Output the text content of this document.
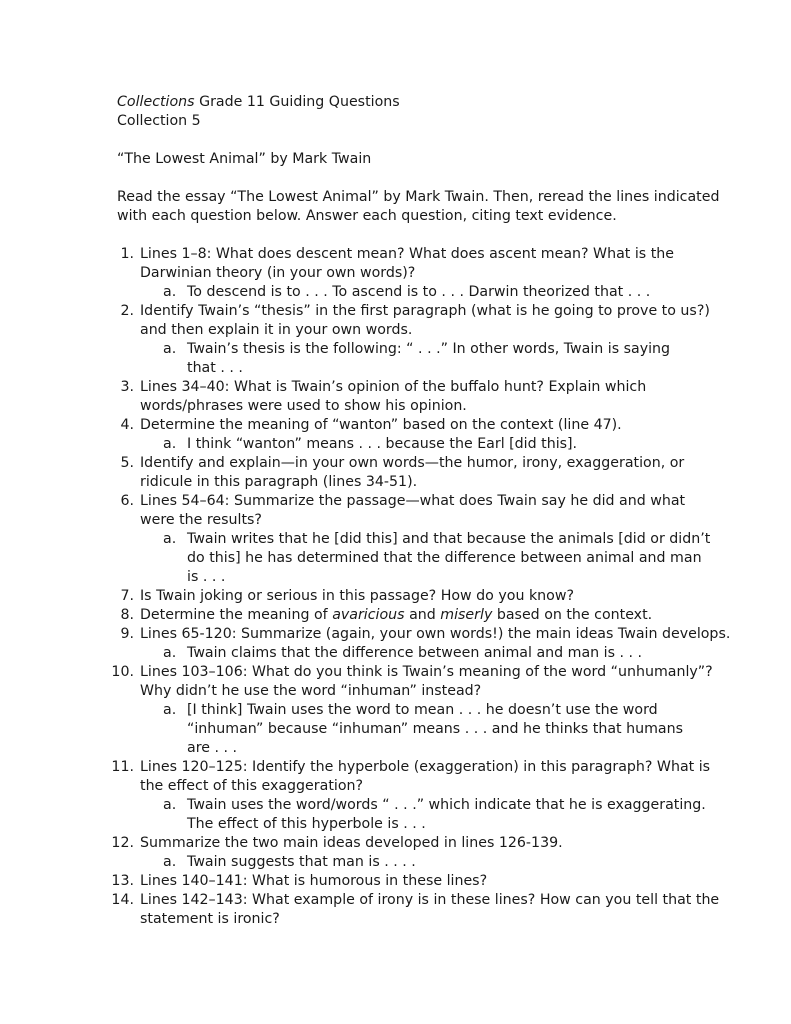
Collections Grade 11 Guiding Questions
Collection 5
“The Lowest Animal” by Mark Twain
Read the essay “The Lowest Animal” by Mark Twain. Then, reread the lines indicated
with each question below. Answer each question, citing text evidence.
1. Lines 1–8: What does descent mean? What does ascent mean? What is the
Darwinian theory (in your own words)?
a. To descend is to . . . To ascend is to . . . Darwin theorized that . . .
2. Identify Twain’s “thesis” in the first paragraph (what is he going to prove to us?)
and then explain it in your own words.
a. Twain’s thesis is the following: “ . . .” In other words, Twain is saying
that . . .
3. Lines 34–40: What is Twain’s opinion of the buffalo hunt? Explain which
words/phrases were used to show his opinion.
4. Determine the meaning of “wanton” based on the context (line 47).
a. I think “wanton” means . . . because the Earl [did this].
5. Identify and explain—in your own words—the humor, irony, exaggeration, or
ridicule in this paragraph (lines 34-51).
6. Lines 54–64: Summarize the passage—what does Twain say he did and what
were the results?
a. Twain writes that he [did this] and that because the animals [did or didn’t
do this] he has determined that the difference between animal and man
is . . .
7. Is Twain joking or serious in this passage? How do you know?
8. Determine the meaning of avaricious and miserly based on the context.
9. Lines 65-120: Summarize (again, your own words!) the main ideas Twain develops.
a. Twain claims that the difference between animal and man is . . .
10. Lines 103–106: What do you think is Twain’s meaning of the word “unhumanly”?
Why didn’t he use the word “inhuman” instead?
a. [I think] Twain uses the word to mean . . . he doesn’t use the word
“inhuman” because “inhuman” means . . . and he thinks that humans
are . . .
11. Lines 120–125: Identify the hyperbole (exaggeration) in this paragraph? What is
the effect of this exaggeration?
a. Twain uses the word/words “ . . .” which indicate that he is exaggerating.
The effect of this hyperbole is . . .
12. Summarize the two main ideas developed in lines 126-139.
a. Twain suggests that man is . . . .
13. Lines 140–141: What is humorous in these lines?
14. Lines 142–143: What example of irony is in these lines? How can you tell that the
statement is ironic?
